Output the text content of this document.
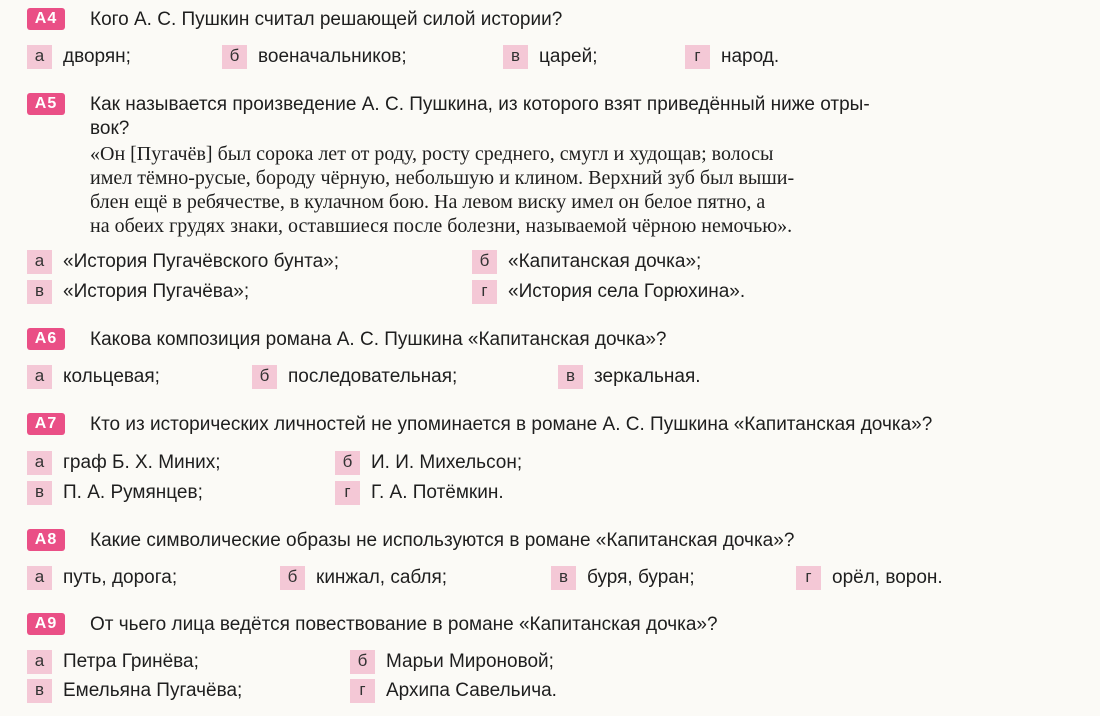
А4	Кого А. С. Пушкин считал решающей силой истории?
а дворян;	б военачальников;	в царей;	г	народ.
А5	Как называется произведение А. С. Пушкина, из которого взят приведённый ниже отры-
вок?
«Он [Пугачёв] был сорока лет от роду, росту среднего, смугл и худощав; волосы
имел тёмно-русые, бороду чёрную, небольшую и клином. Верхний зуб был выши-
блен ещё в ребячестве, в кулачном бою. На левом виску имел он белое пятно, а
на обеих грудях знаки, оставшиеся после болезни, называемой чёрною немочью».
а «История Пугачёвского бунта»;	б «Капитанская дочка»;
в «История Пугачёва»;	г	«История села Горюхина».
А6	Какова композиция романа А. С. Пушкина «Капитанская дочка»?
а кольцевая;	б последовательная;	в зеркальная.
А7	Кто из исторических личностей не упоминается в романе А. С. Пушкина «Капитанская дочка»?
а граф Б. Х. Миних;	б И. И. Михельсон;
в П. А. Румянцев;	г	Г. А. Потёмкин.
А8	Какие символические образы не используются в романе «Капитанская дочка»?
а путь, дорога;	б кинжал, сабля;	в буря, буран;	г	орёл, ворон.
А9	От чьего лица ведётся повествование в романе «Капитанская дочка»?
а Петра Гринёва;	б Марьи Мироновой;
в Емельяна Пугачёва;	г	Архипа Савельича.
